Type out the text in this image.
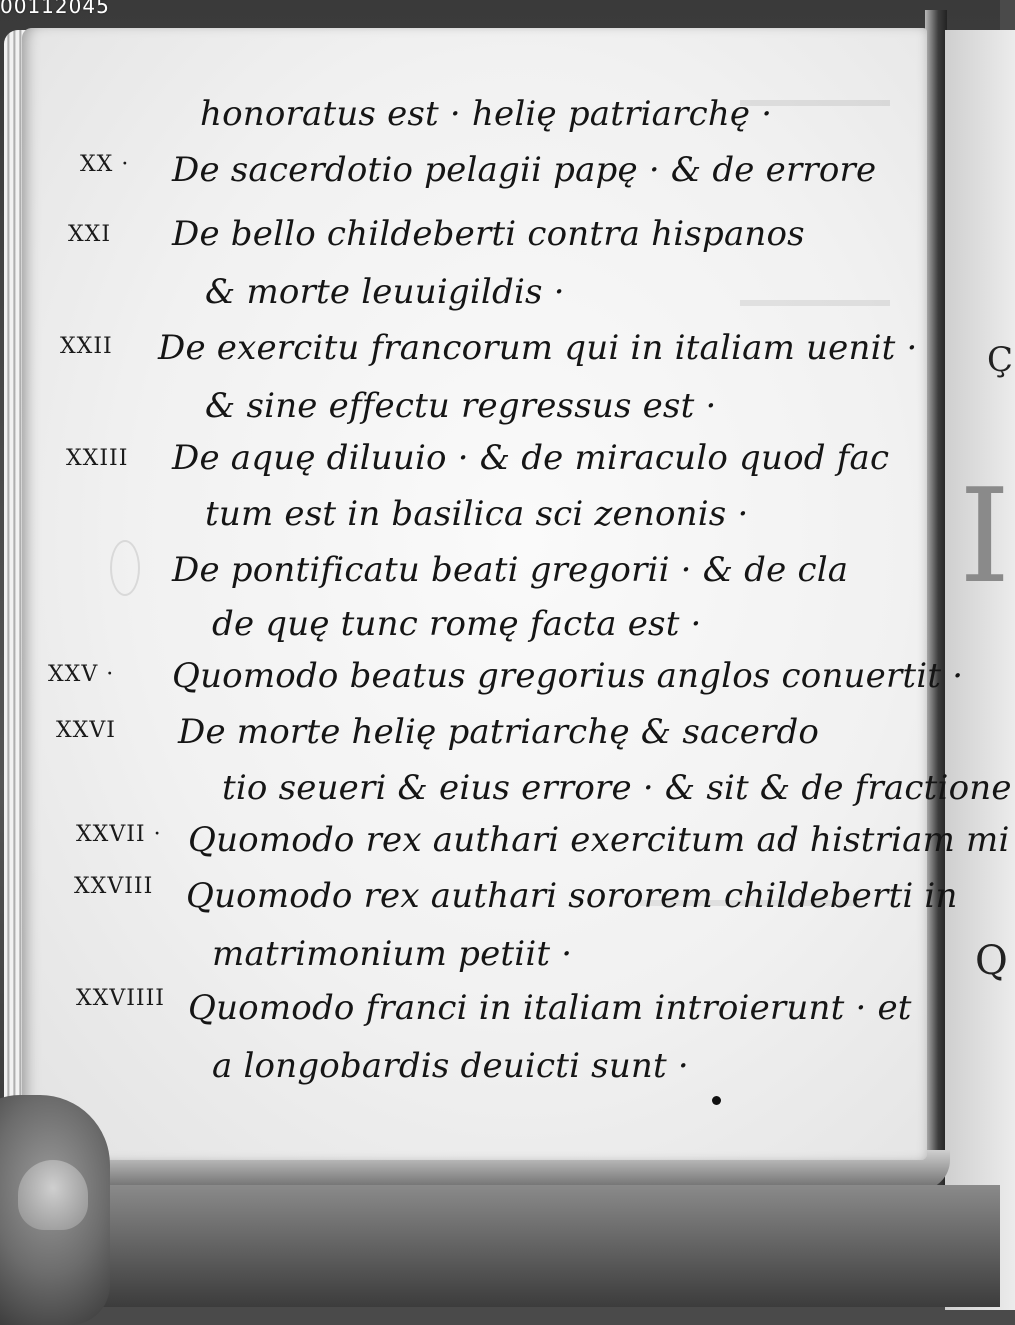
00112045
Ç
I
Q
honoratus est · helię patriarchę ·
XX · De sacerdotio pelagii papę · & de errore
XXI De bello childeberti contra hispanos
& morte leuuigildis ·
XXII De exercitu francorum qui in italiam uenit ·
& sine effectu regressus est ·
XXIII De aquę diluuio · & de miraculo quod fac
tum est in basilica sci zenonis ·
De pontificatu beati gregorii · & de cla
de quę tunc romę facta est ·
XXV · Quomodo beatus gregorius anglos conuertit ·
XXVI De morte helię patriarchę & sacerdo
tio seueri & eius errore · & sit & de fractione
XXVII · Quomodo rex authari exercitum ad histriam mi
XXVIII Quomodo rex authari sororem childeberti in
matrimonium petiit ·
XXVIIII Quomodo franci in italiam introierunt · et
a longobardis deuicti sunt ·
